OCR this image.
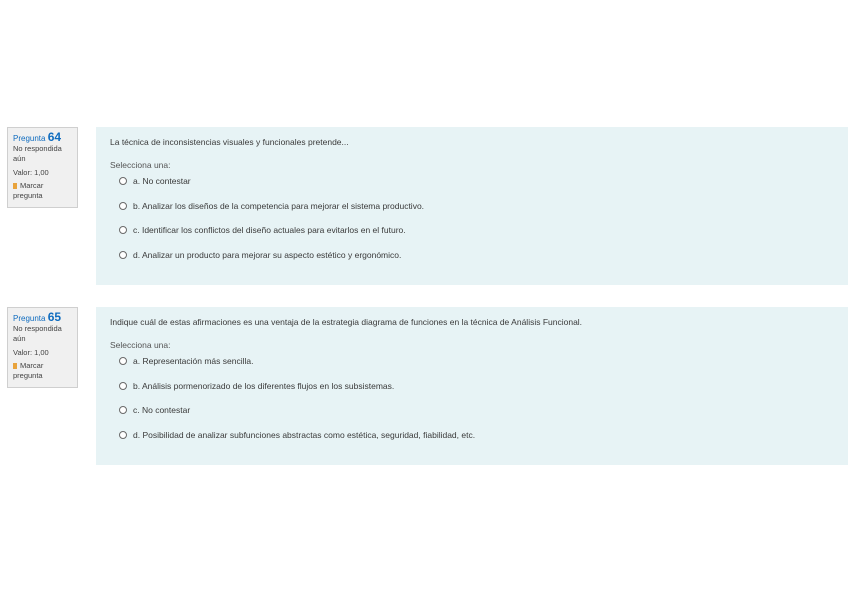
Pregunta 64
No respondida aún
Valor: 1,00
Marcar pregunta
La técnica de inconsistencias visuales y funcionales pretende...
Selecciona una:
a. No contestar
b. Analizar los diseños de la competencia para mejorar el sistema productivo.
c. Identificar los conflictos del diseño actuales para evitarlos en el futuro.
d. Analizar un producto para mejorar su aspecto estético y ergonómico.
Pregunta 65
No respondida aún
Valor: 1,00
Marcar pregunta
Indique cuál de estas afirmaciones es una ventaja de la estrategia diagrama de funciones en la técnica de Análisis Funcional.
Selecciona una:
a. Representación más sencilla.
b. Análisis pormenorizado de los diferentes flujos en los subsistemas.
c. No contestar
d. Posibilidad de analizar subfunciones abstractas como estética, seguridad, fiabilidad, etc.
